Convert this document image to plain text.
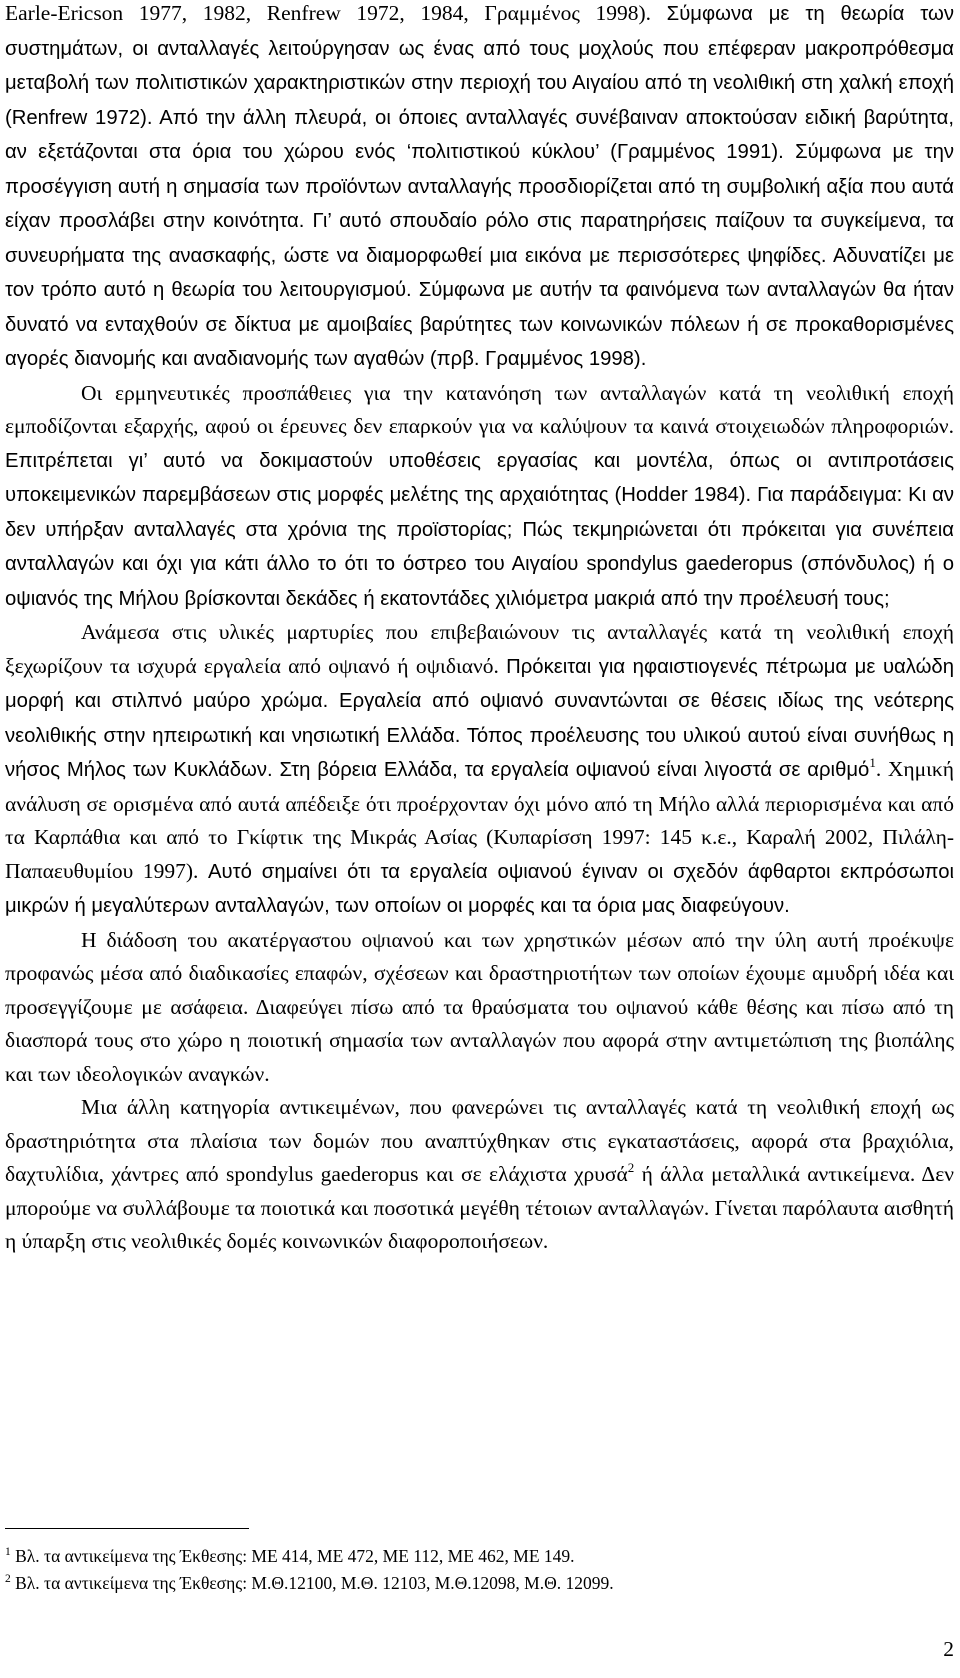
Earle-Ericson 1977, 1982, Renfrew 1972, 1984, Γραμμένος 1998). Σύμφωνα με τη θεωρία των συστημάτων, οι ανταλλαγές λειτούργησαν ως ένας από τους μοχλούς που επέφεραν μακροπρόθεσμα μεταβολή των πολιτιστικών χαρακτηριστικών στην περιοχή του Αιγαίου από τη νεολιθική στη χαλκή εποχή (Renfrew 1972). Από την άλλη πλευρά, οι όποιες ανταλλαγές συνέβαιναν αποκτούσαν ειδική βαρύτητα, αν εξετάζονται στα όρια του χώρου ενός ‘πολιτιστικού κύκλου’ (Γραμμένος 1991). Σύμφωνα με την προσέγγιση αυτή η σημασία των προϊόντων ανταλλαγής προσδιορίζεται από τη συμβολική αξία που αυτά είχαν προσλάβει στην κοινότητα. Γι’ αυτό σπουδαίο ρόλο στις παρατηρήσεις παίζουν τα συγκείμενα, τα συνευρήματα της ανασκαφής, ώστε να διαμορφωθεί μια εικόνα με περισσότερες ψηφίδες. Αδυνατίζει με τον τρόπο αυτό η θεωρία του λειτουργισμού. Σύμφωνα με αυτήν τα φαινόμενα των ανταλλαγών θα ήταν δυνατό να ενταχθούν σε δίκτυα με αμοιβαίες βαρύτητες των κοινωνικών πόλεων ή σε προκαθορισμένες αγορές διανομής και αναδιανομής των αγαθών (πρβ. Γραμμένος 1998).

Οι ερμηνευτικές προσπάθειες για την κατανόηση των ανταλλαγών κατά τη νεολιθική εποχή εμποδίζονται εξαρχής, αφού οι έρευνες δεν επαρκούν για να καλύψουν τα καινά στοιχειωδών πληροφοριών. Επιτρέπεται γι’ αυτό να δοκιμαστούν υποθέσεις εργασίας και μοντέλα, όπως οι αντιπροτάσεις υποκειμενικών παρεμβάσεων στις μορφές μελέτης της αρχαιότητας (Hodder 1984). Για παράδειγμα: Κι αν δεν υπήρξαν ανταλλαγές στα χρόνια της προϊστορίας; Πώς τεκμηριώνεται ότι πρόκειται για συνέπεια ανταλλαγών και όχι για κάτι άλλο το ότι το όστρεο του Αιγαίου spondylus gaederopus (σπόνδυλος) ή ο οψιανός της Μήλου βρίσκονται δεκάδες ή εκατοντάδες χιλιόμετρα μακριά από την προέλευσή τους;

Ανάμεσα στις υλικές μαρτυρίες που επιβεβαιώνουν τις ανταλλαγές κατά τη νεολιθική εποχή ξεχωρίζουν τα ισχυρά εργαλεία από οψιανό ή οψιδιανό. Πρόκειται για ηφαιστιογενές πέτρωμα με υαλώδη μορφή και στιλπνό μαύρο χρώμα. Εργαλεία από οψιανό συναντώνται σε θέσεις ιδίως της νεότερης νεολιθικής στην ηπειρωτική και νησιωτική Ελλάδα. Τόπος προέλευσης του υλικού αυτού είναι συνήθως η νήσος Μήλος των Κυκλάδων. Στη βόρεια Ελλάδα, τα εργαλεία οψιανού είναι λιγοστά σε αριθμό$^1$. Χημική ανάλυση σε ορισμένα από αυτά απέδειξε ότι προέρχονταν όχι μόνο από τη Μήλο αλλά περιορισμένα και από τα Καρπάθια και από το Γκίφτικ της Μικράς Ασίας (Κυπαρίσση 1997: 145 κ.ε., Καραλή 2002, Πιλάλη-Παπαευθυμίου 1997). Αυτό σημαίνει ότι τα εργαλεία οψιανού έγιναν οι σχεδόν άφθαρτοι εκπρόσωποι μικρών ή μεγαλύτερων ανταλλαγών, των οποίων οι μορφές και τα όρια μας διαφεύγουν.

Η διάδοση του ακατέργαστου οψιανού και των χρηστικών μέσων από την ύλη αυτή προέκυψε προφανώς μέσα από διαδικασίες επαφών, σχέσεων και δραστηριοτήτων των οποίων έχουμε αμυδρή ιδέα και προσεγγίζουμε με ασάφεια. Διαφεύγει πίσω από τα θραύσματα του οψιανού κάθε θέσης και πίσω από τη διασπορά τους στο χώρο η ποιοτική σημασία των ανταλλαγών που αφορά στην αντιμετώπιση της βιοπάλης και των ιδεολογικών αναγκών.

Μια άλλη κατηγορία αντικειμένων, που φανερώνει τις ανταλλαγές κατά τη νεολιθική εποχή ως δραστηριότητα στα πλαίσια των δομών που αναπτύχθηκαν στις εγκαταστάσεις, αφορά στα βραχιόλια, δαχτυλίδια, χάντρες από spondylus gaederopus και σε ελάχιστα χρυσά$^2$ ή άλλα μεταλλικά αντικείμενα. Δεν μπορούμε να συλλάβουμε τα ποιοτικά και ποσοτικά μεγέθη τέτοιων ανταλλαγών. Γίνεται παρόλαυτα αισθητή η ύπαρξη στις νεολιθικές δομές κοινωνικών διαφοροποιήσεων.

$^1$ Βλ. τα αντικείμενα της Έκθεσης: ΜΕ 414, ΜΕ 472, ΜΕ 112, ΜΕ 462, ΜΕ 149.
$^2$ Βλ. τα αντικείμενα της Έκθεσης: Μ.Θ.12100, Μ.Θ. 12103, Μ.Θ.12098, Μ.Θ. 12099.
2
